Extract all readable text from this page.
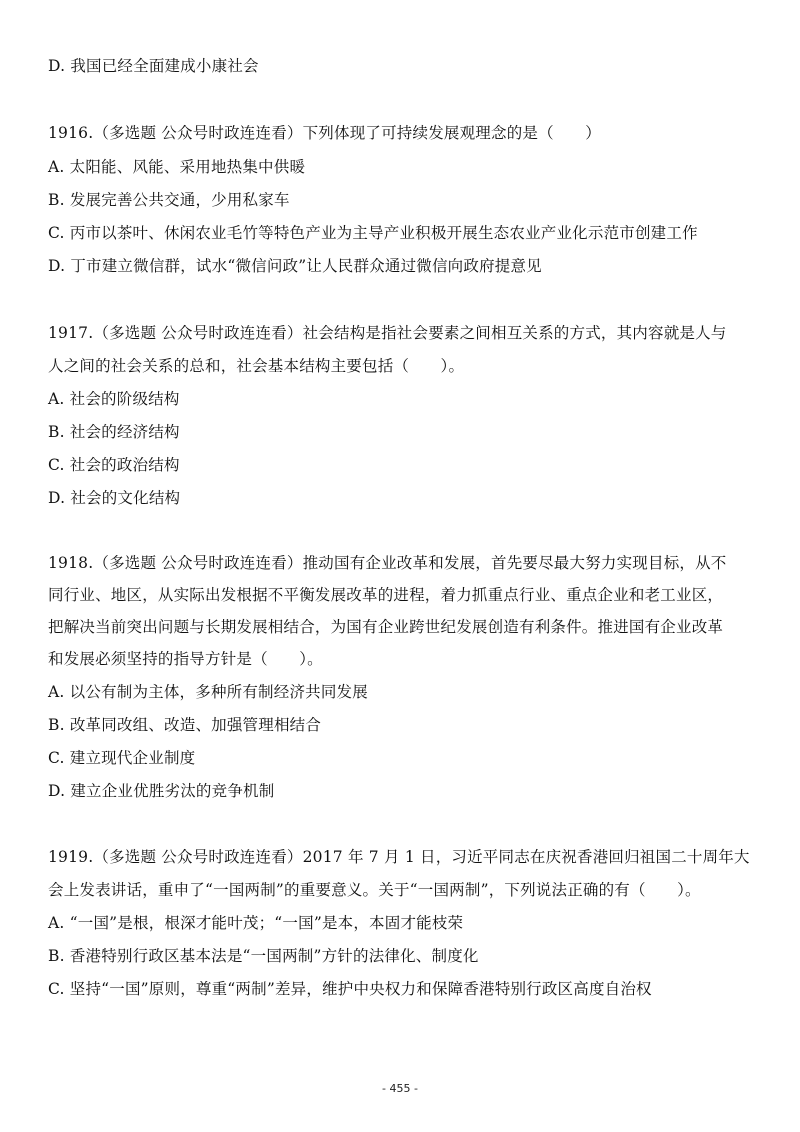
D. 我国已经全面建成小康社会
1916.（多选题 公众号时政连连看）下列体现了可持续发展观理念的是（　　）
A. 太阳能、风能、采用地热集中供暖
B. 发展完善公共交通，少用私家车
C. 丙市以茶叶、休闲农业毛竹等特色产业为主导产业积极开展生态农业产业化示范市创建工作
D. 丁市建立微信群，试水“微信问政”让人民群众通过微信向政府提意见
1917.（多选题 公众号时政连连看）社会结构是指社会要素之间相互关系的方式，其内容就是人与
人之间的社会关系的总和，社会基本结构主要包括（　　）。
A. 社会的阶级结构
B. 社会的经济结构
C. 社会的政治结构
D. 社会的文化结构
1918.（多选题 公众号时政连连看）推动国有企业改革和发展，首先要尽最大努力实现目标，从不
同行业、地区，从实际出发根据不平衡发展改革的进程，着力抓重点行业、重点企业和老工业区，
把解决当前突出问题与长期发展相结合，为国有企业跨世纪发展创造有利条件。推进国有企业改革
和发展必须坚持的指导方针是（　　）。
A. 以公有制为主体，多种所有制经济共同发展
B. 改革同改组、改造、加强管理相结合
C. 建立现代企业制度
D. 建立企业优胜劣汰的竞争机制
1919.（多选题 公众号时政连连看）2017 年 7 月 1 日，习近平同志在庆祝香港回归祖国二十周年大
会上发表讲话，重申了“一国两制”的重要意义。关于“一国两制”，下列说法正确的有（　　）。
A. “一国”是根，根深才能叶茂；“一国”是本，本固才能枝荣
B. 香港特别行政区基本法是“一国两制”方针的法律化、制度化
C. 坚持“一国”原则，尊重“两制”差异，维护中央权力和保障香港特别行政区高度自治权
- 455 -
